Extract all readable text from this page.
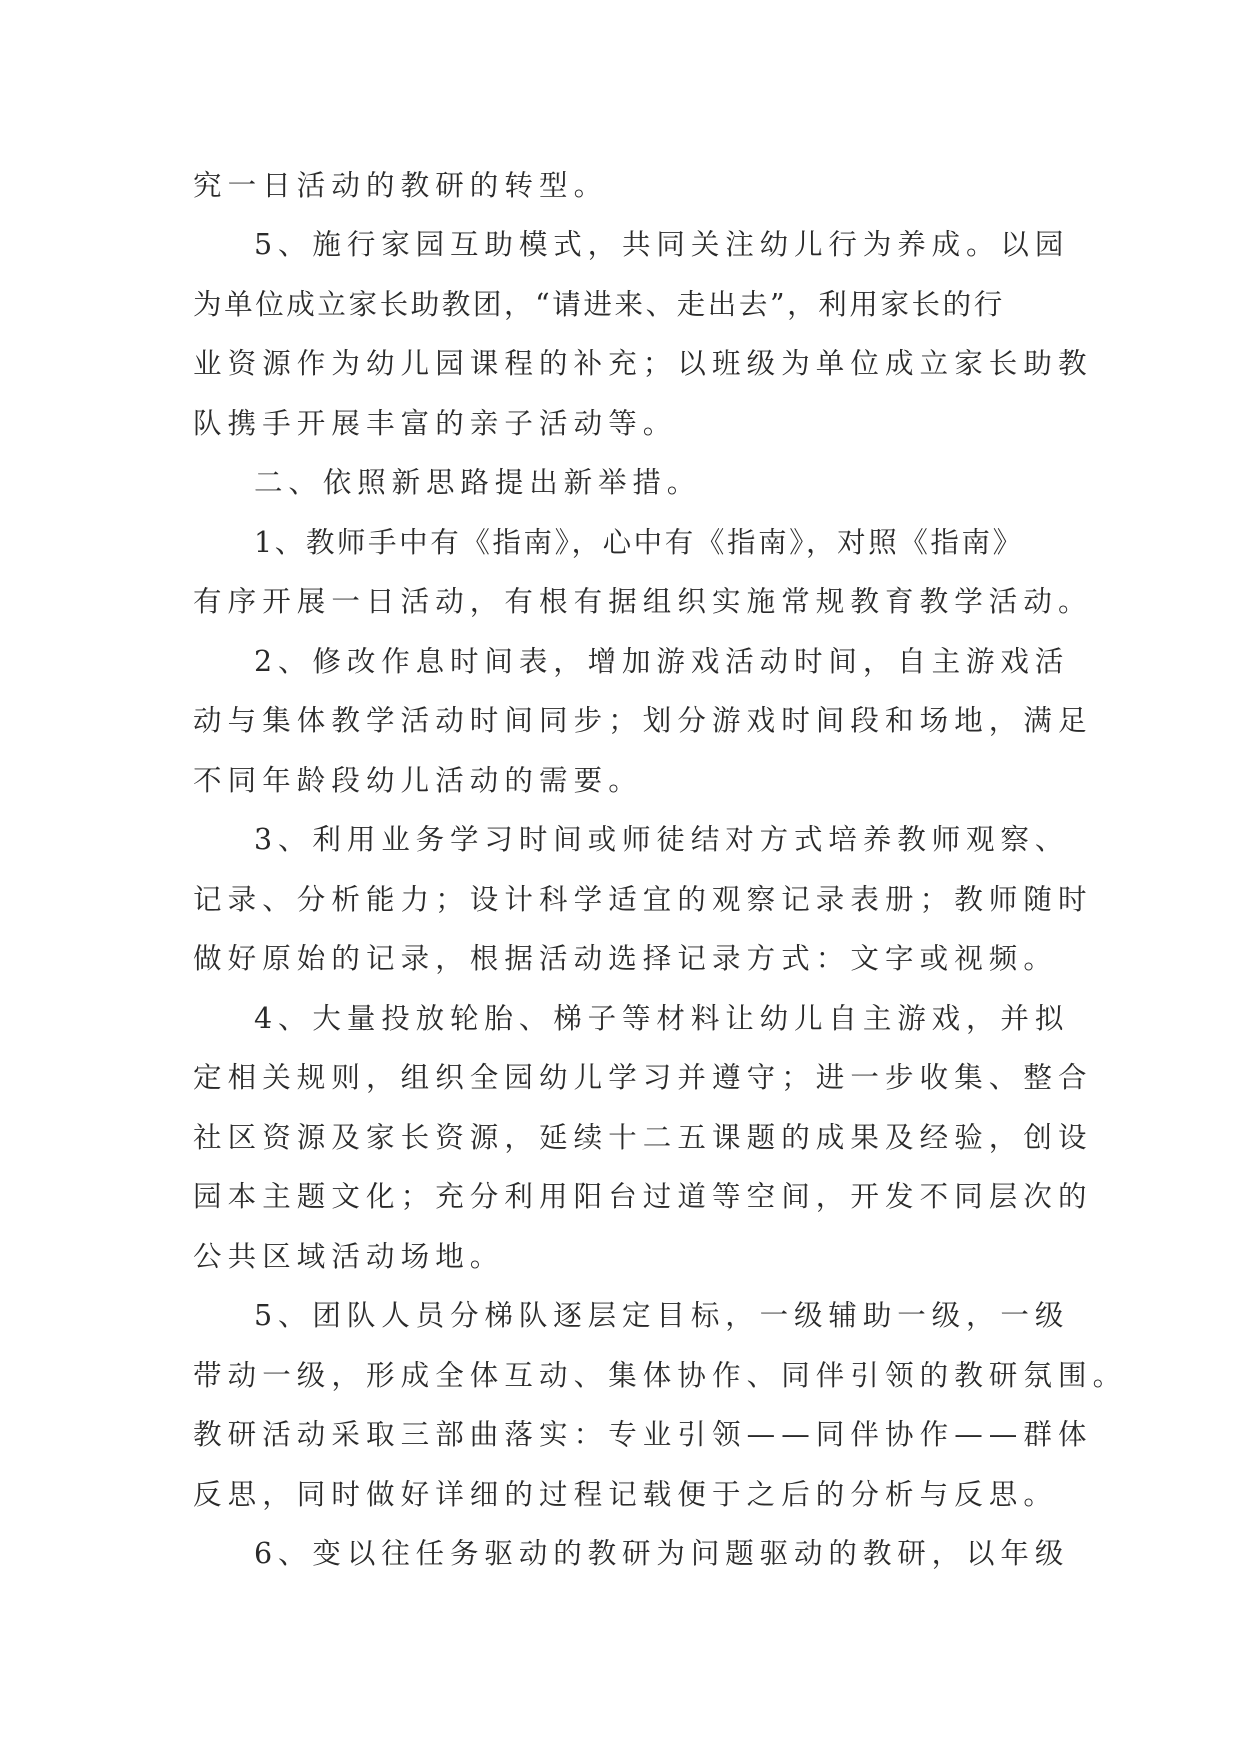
究一日活动的教研的转型。
5、施行家园互助模式，共同关注幼儿行为养成。以园
为单位成立家长助教团，“请进来、走出去”，利用家长的行
业资源作为幼儿园课程的补充；以班级为单位成立家长助教
队携手开展丰富的亲子活动等。
二、依照新思路提出新举措。
1、教师手中有《指南》，心中有《指南》，对照《指南》
有序开展一日活动，有根有据组织实施常规教育教学活动。
2、修改作息时间表，增加游戏活动时间，自主游戏活
动与集体教学活动时间同步；划分游戏时间段和场地，满足
不同年龄段幼儿活动的需要。
3、利用业务学习时间或师徒结对方式培养教师观察、
记录、分析能力；设计科学适宜的观察记录表册；教师随时
做好原始的记录，根据活动选择记录方式：文字或视频。
4、大量投放轮胎、梯子等材料让幼儿自主游戏，并拟
定相关规则，组织全园幼儿学习并遵守；进一步收集、整合
社区资源及家长资源，延续十二五课题的成果及经验，创设
园本主题文化；充分利用阳台过道等空间，开发不同层次的
公共区域活动场地。
5、团队人员分梯队逐层定目标，一级辅助一级，一级
带动一级，形成全体互动、集体协作、同伴引领的教研氛围。
教研活动采取三部曲落实：专业引领——同伴协作——群体
反思，同时做好详细的过程记载便于之后的分析与反思。
6、变以往任务驱动的教研为问题驱动的教研，以年级
